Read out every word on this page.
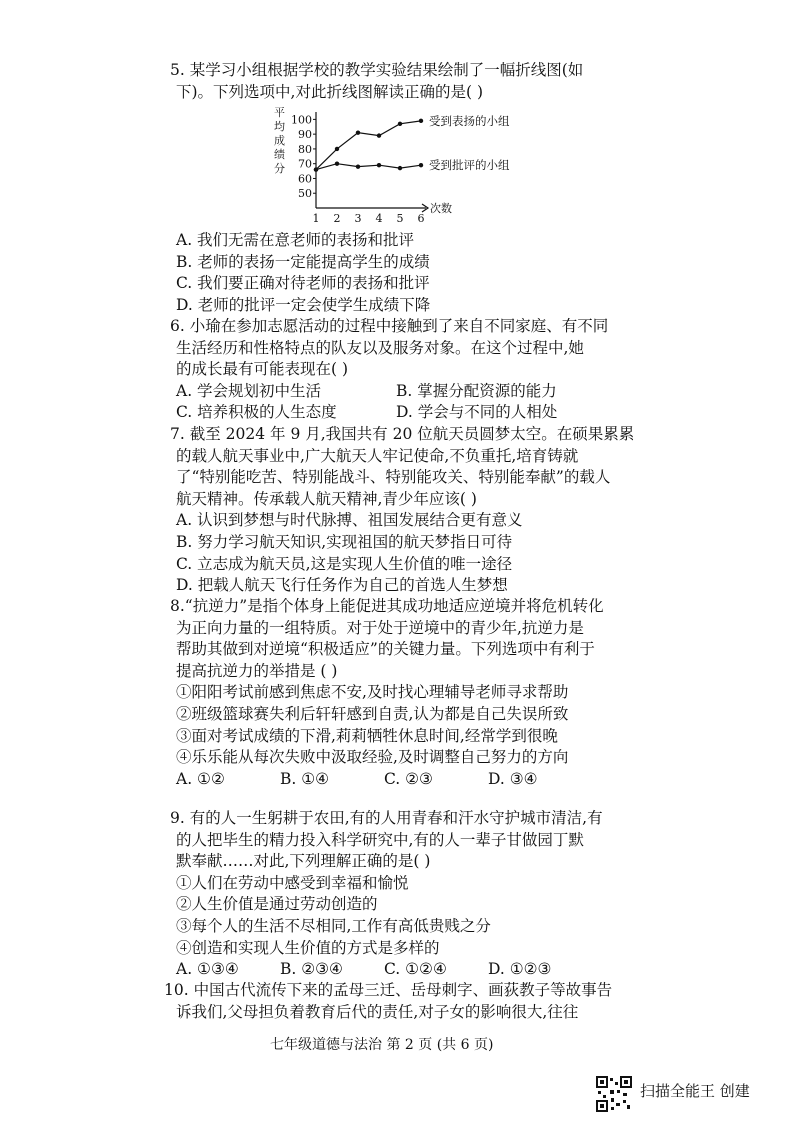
5. 某学习小组根据学校的教学实验结果绘制了一幅折线图(如
下)。下列选项中,对此折线图解读正确的是( )
50
60
70
80
90
100
1 2 3 4 5 6
次数
平均成绩分
受到表扬的小组
受到批评的小组
A. 我们无需在意老师的表扬和批评
B. 老师的表扬一定能提高学生的成绩
C. 我们要正确对待老师的表扬和批评
D. 老师的批评一定会使学生成绩下降
6. 小瑜在参加志愿活动的过程中接触到了来自不同家庭、有不同
生活经历和性格特点的队友以及服务对象。在这个过程中,她
的成长最有可能表现在( )
A. 学会规划初中生活	B. 掌握分配资源的能力
C. 培养积极的人生态度	D. 学会与不同的人相处
7. 截至 2024 年 9 月,我国共有 20 位航天员圆梦太空。在硕果累累
的载人航天事业中,广大航天人牢记使命,不负重托,培育铸就
了“特别能吃苦、特别能战斗、特别能攻关、特别能奉献”的载人
航天精神。传承载人航天精神,青少年应该( )
A. 认识到梦想与时代脉搏、祖国发展结合更有意义
B. 努力学习航天知识,实现祖国的航天梦指日可待
C. 立志成为航天员,这是实现人生价值的唯一途径
D. 把载人航天飞行任务作为自己的首选人生梦想
8.“抗逆力”是指个体身上能促进其成功地适应逆境并将危机转化
为正向力量的一组特质。对于处于逆境中的青少年,抗逆力是
帮助其做到对逆境“积极适应”的关键力量。下列选项中有利于
提高抗逆力的举措是 ( )
①阳阳考试前感到焦虑不安,及时找心理辅导老师寻求帮助
②班级篮球赛失利后轩轩感到自责,认为都是自己失误所致
③面对考试成绩的下滑,莉莉牺牲休息时间,经常学到很晚
④乐乐能从每次失败中汲取经验,及时调整自己努力的方向
A. ①②	B. ①④	C. ②③	D. ③④
9. 有的人一生躬耕于农田,有的人用青春和汗水守护城市清洁,有
的人把毕生的精力投入科学研究中,有的人一辈子甘做园丁默
默奉献……对此,下列理解正确的是( )
①人们在劳动中感受到幸福和愉悦
②人生价值是通过劳动创造的
③每个人的生活不尽相同,工作有高低贵贱之分
④创造和实现人生价值的方式是多样的
A. ①③④	B. ②③④	C. ①②④	D. ①②③
10. 中国古代流传下来的孟母三迁、岳母刺字、画荻教子等故事告
诉我们,父母担负着教育后代的责任,对子女的影响很大,往往
七年级道德与法治 第 2 页 (共 6 页)
扫描全能王 创建
